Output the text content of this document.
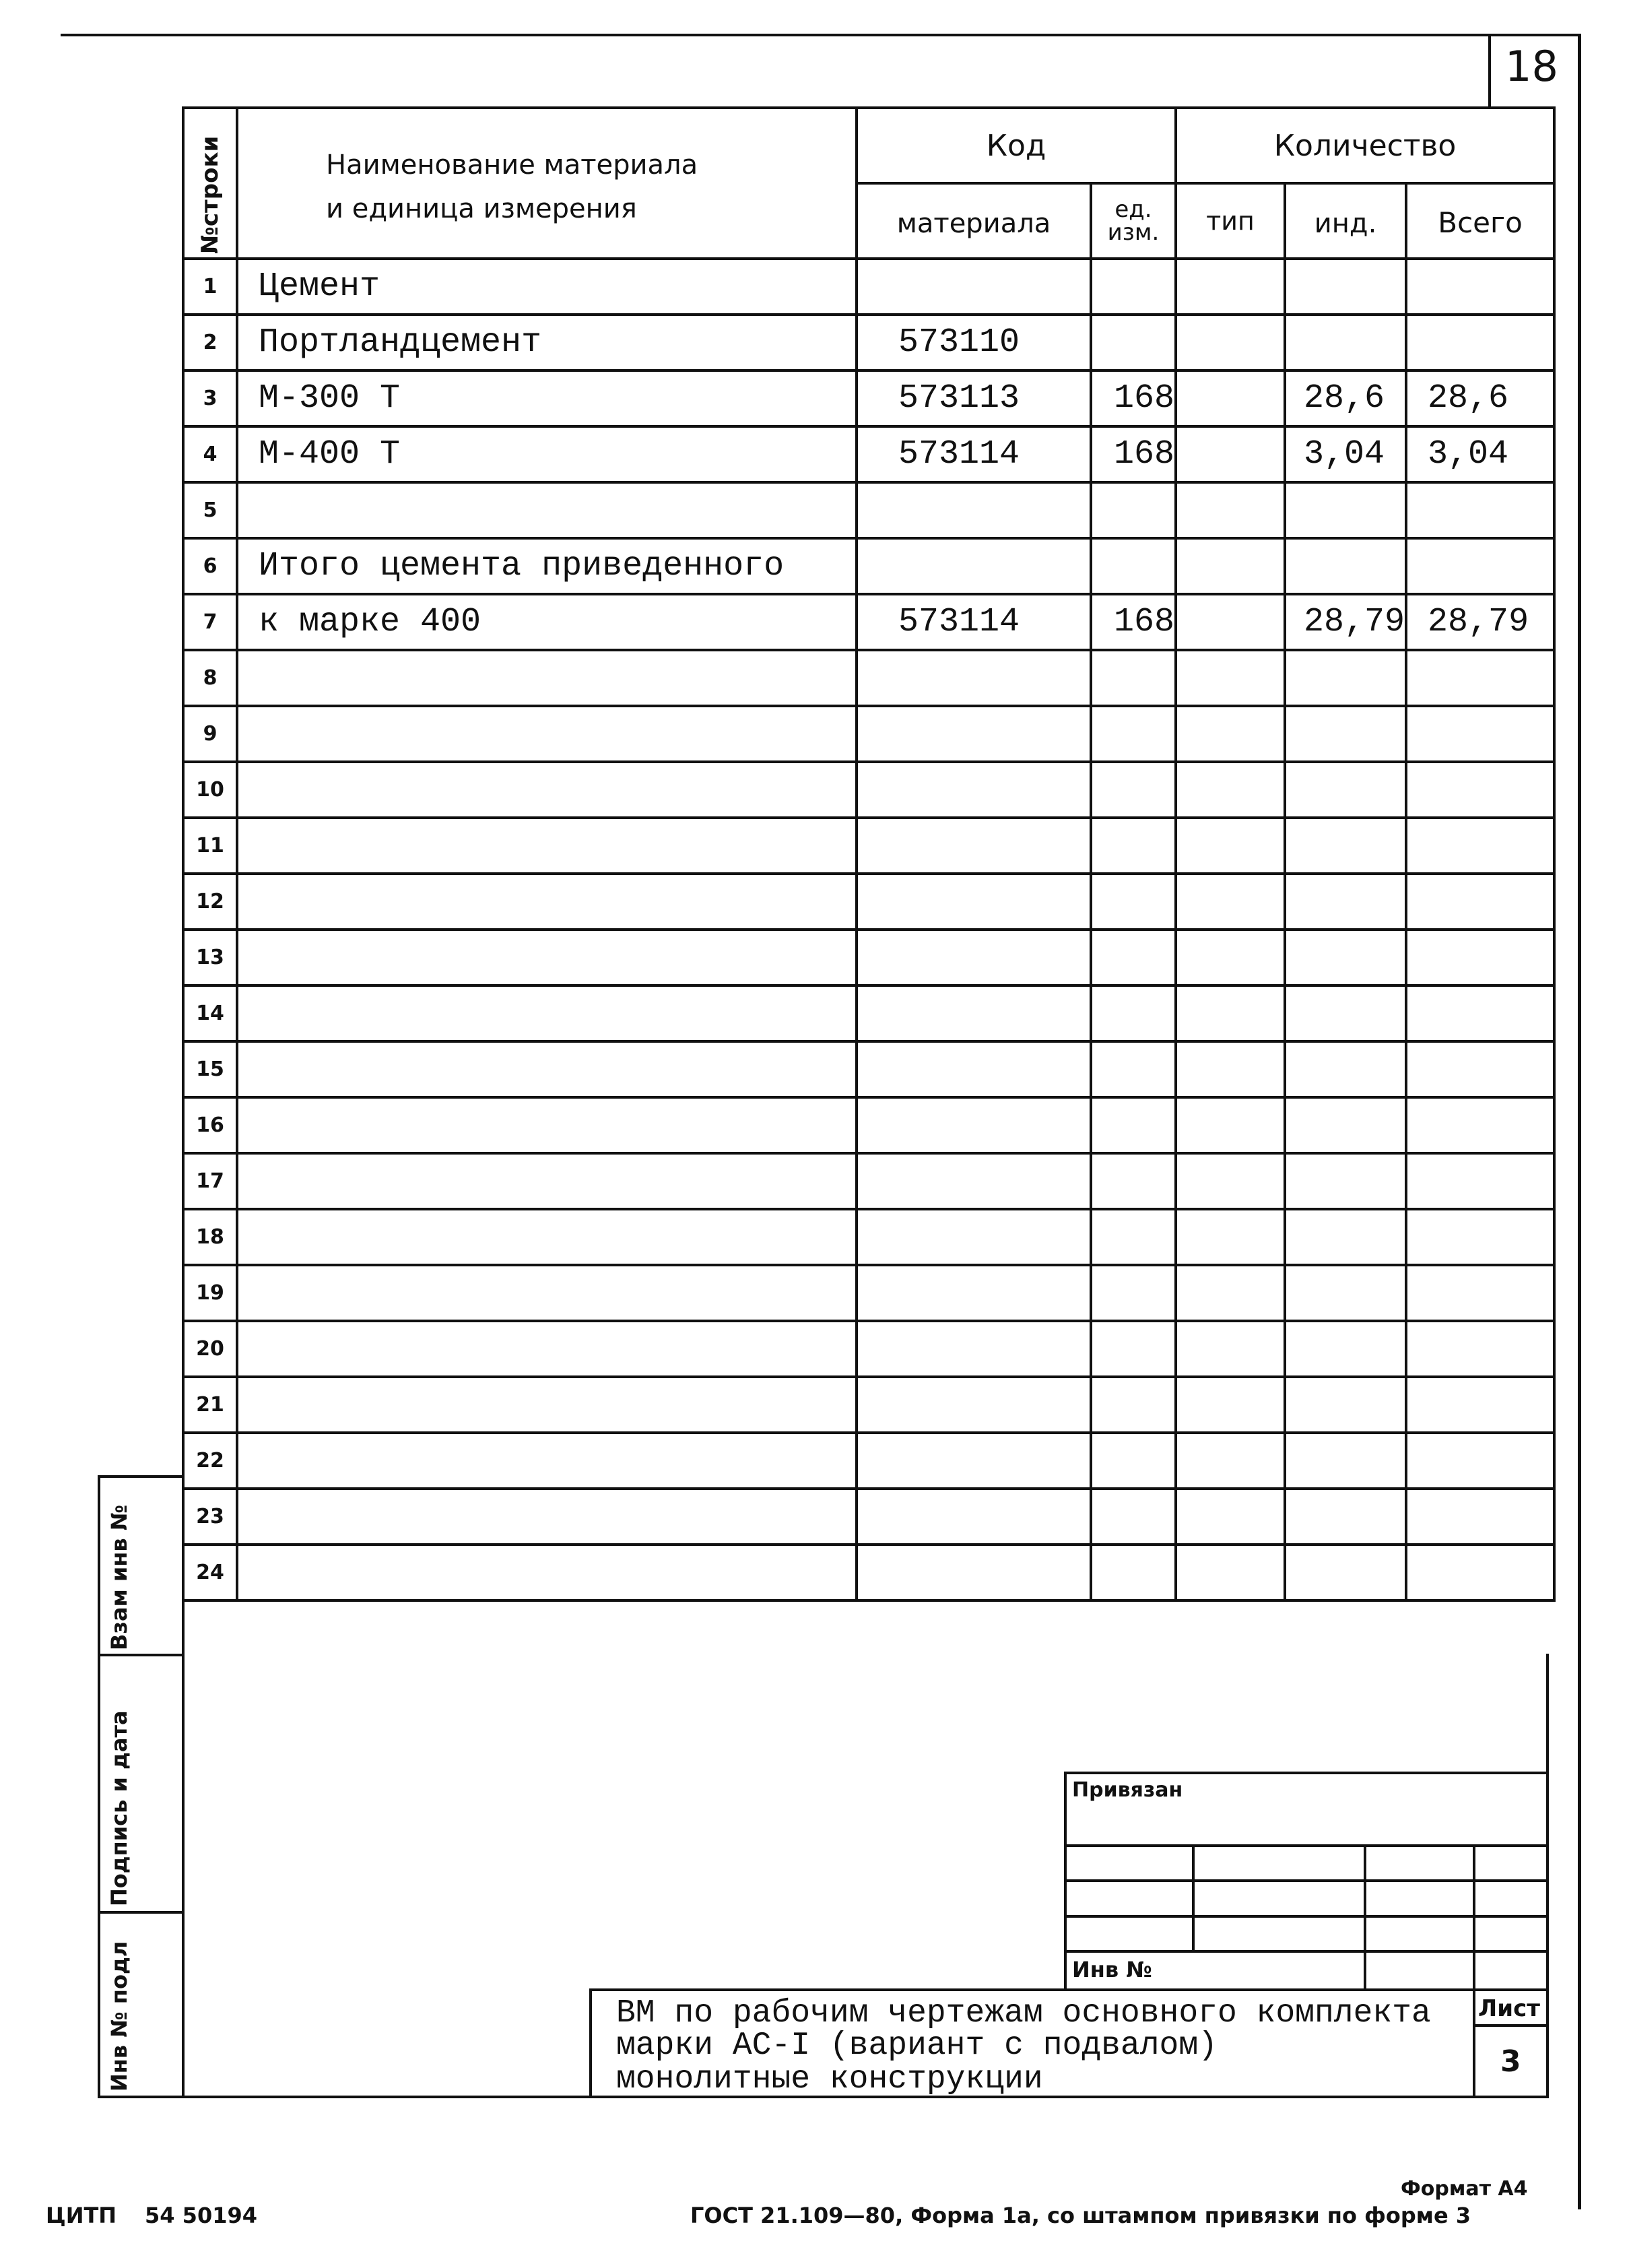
18
№строки	Наименование материала
и единица измерения	Код		Количество		
		материала	ед. изм.	тип	инд.	Всего
1	Цемент					
2	Портландцемент	573110				
3	М-300 Т	573113	168		28,6	28,6
4	М-400 Т	573114	168		3,04	3,04
5						
6	Итого цемента приведенного					
7	к марке 400	573114	168		28,79	28,79
8						
9						
10						
11						
12						
13						
14						
15						
16						
17						
18						
19						
20						
21						
22						
23						
24						
Взам инв №
Подпись и дата
Инв № подл
Привязан
Инв №
ВМ по рабочим чертежам основного комплекта
марки АС-I (вариант с подвалом)
монолитные конструкции
Лист
3
Формат А4
ЦИТП 54 50194	ГОСТ 21.109—80, Форма 1а, со штампом привязки по форме 3
